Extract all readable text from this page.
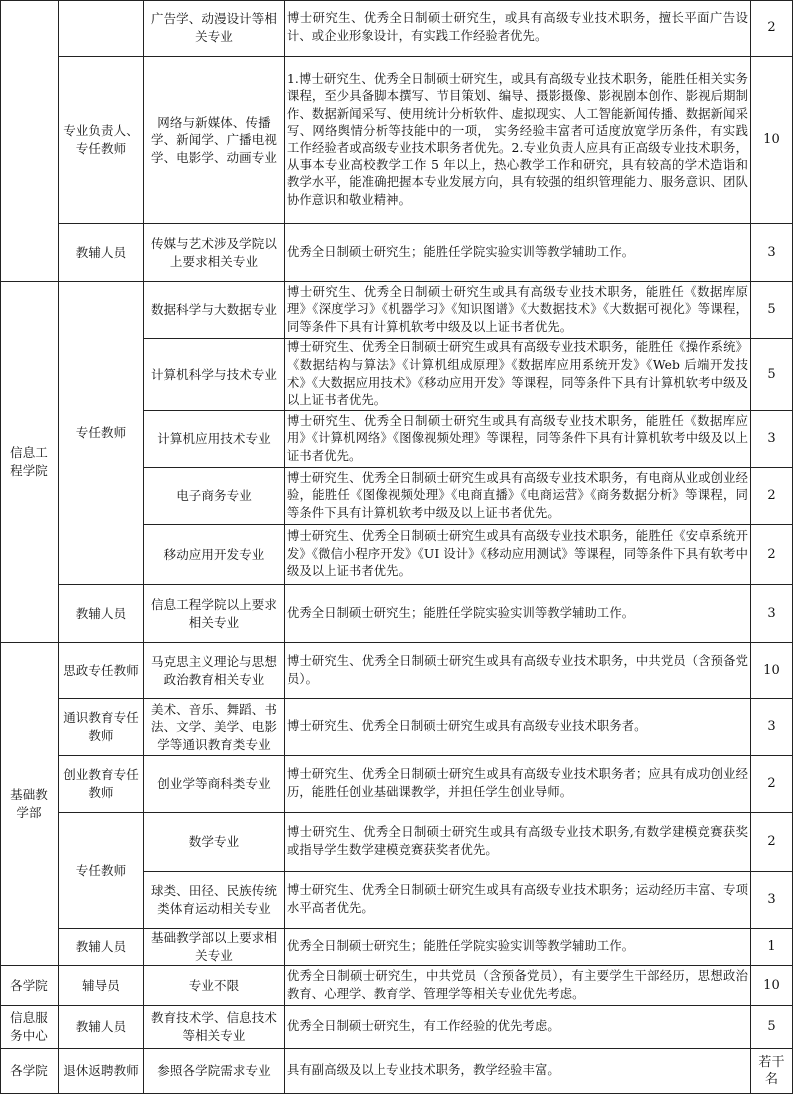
信息工程学院
基础教学部
各学院
信息服务中心
各学院
专业负责人、专任教师
教辅人员
专任教师
教辅人员
思政专任教师
通识教育专任教师
创业教育专任教师
专任教师
教辅人员
辅导员
教辅人员
退休返聘教师
广告学、动漫设计等相关专业
网络与新媒体、传播学、新闻学、广播电视学、电影学、动画专业
传媒与艺术涉及学院以上要求相关专业
数据科学与大数据专业
计算机科学与技术专业
计算机应用技术专业
电子商务专业
移动应用开发专业
信息工程学院以上要求相关专业
马克思主义理论与思想政治教育相关专业
美术、音乐、舞蹈、书法、文学、美学、电影学等通识教育类专业
创业学等商科类专业
数学专业
球类、田径、民族传统类体育运动相关专业
基础教学部以上要求相关专业
专业不限
教育技术学、信息技术等相关专业
参照各学院需求专业
博士研究生、优秀全日制硕士研究生，或具有高级专业技术职务，擅长平面广告设计、或企业形象设计，有实践工作经验者优先。
1.博士研究生、优秀全日制硕士研究生，或具有高级专业技术职务，能胜任相关实务课程，至少具备脚本撰写、节目策划、编导、摄影摄像、影视剧本创作、影视后期制作、数据新闻采写、使用统计分析软件、虚拟现实、人工智能新闻传播、数据新闻采写、网络舆情分析等技能中的一项， 实务经验丰富者可适度放宽学历条件，有实践工作经验者或高级专业技术职务者优先。2.专业负责人应具有正高级专业技术职务，从事本专业高校教学工作 5 年以上，热心教学工作和研究，具有较高的学术造诣和教学水平，能准确把握本专业发展方向，具有较强的组织管理能力、服务意识、团队协作意识和敬业精神。
优秀全日制硕士研究生；能胜任学院实验实训等教学辅助工作。
博士研究生、优秀全日制硕士研究生或具有高级专业技术职务，能胜任《数据库原理》《深度学习》《机器学习》《知识图谱》《大数据技术》《大数据可视化》等课程，同等条件下具有计算机软考中级及以上证书者优先。
博士研究生、优秀全日制硕士研究生或具有高级专业技术职务，能胜任《操作系统》《数据结构与算法》《计算机组成原理》《数据库应用系统开发》《Web 后端开发技术》《大数据应用技术》《移动应用开发》等课程，同等条件下具有计算机软考中级及以上证书者优先。
博士研究生、优秀全日制硕士研究生或具有高级专业技术职务，能胜任《数据库应用》《计算机网络》《图像视频处理》等课程，同等条件下具有计算机软考中级及以上证书者优先。
博士研究生、优秀全日制硕士研究生或具有高级专业技术职务，有电商从业或创业经验，能胜任《图像视频处理》《电商直播》《电商运营》《商务数据分析》等课程，同等条件下具有计算机软考中级及以上证书者优先。
博士研究生、优秀全日制硕士研究生或具有高级专业技术职务，能胜任《安卓系统开发》《微信小程序开发》《UI 设计》《移动应用测试》等课程，同等条件下具有软考中级及以上证书者优先。
优秀全日制硕士研究生；能胜任学院实验实训等教学辅助工作。
博士研究生、优秀全日制硕士研究生或具有高级专业技术职务，中共党员（含预备党员）。
博士研究生、优秀全日制硕士研究生或具有高级专业技术职务者。
博士研究生、优秀全日制硕士研究生或具有高级专业技术职务者；应具有成功创业经历，能胜任创业基础课教学，并担任学生创业导师。
博士研究生、优秀全日制硕士研究生或具有高级专业技术职务,有数学建模竞赛获奖或指导学生数学建模竞赛获奖者优先。
博士研究生、优秀全日制硕士研究生或具有高级专业技术职务；运动经历丰富、专项水平高者优先。
优秀全日制硕士研究生；能胜任学院实验实训等教学辅助工作。
优秀全日制硕士研究生，中共党员（含预备党员），有主要学生干部经历，思想政治教育、心理学、教育学、管理学等相关专业优先考虑。
优秀全日制硕士研究生，有工作经验的优先考虑。
具有副高级及以上专业技术职务，教学经验丰富。
2
10
3
5
5
3
2
2
3
10
3
2
2
3
1
10
5
若干名
